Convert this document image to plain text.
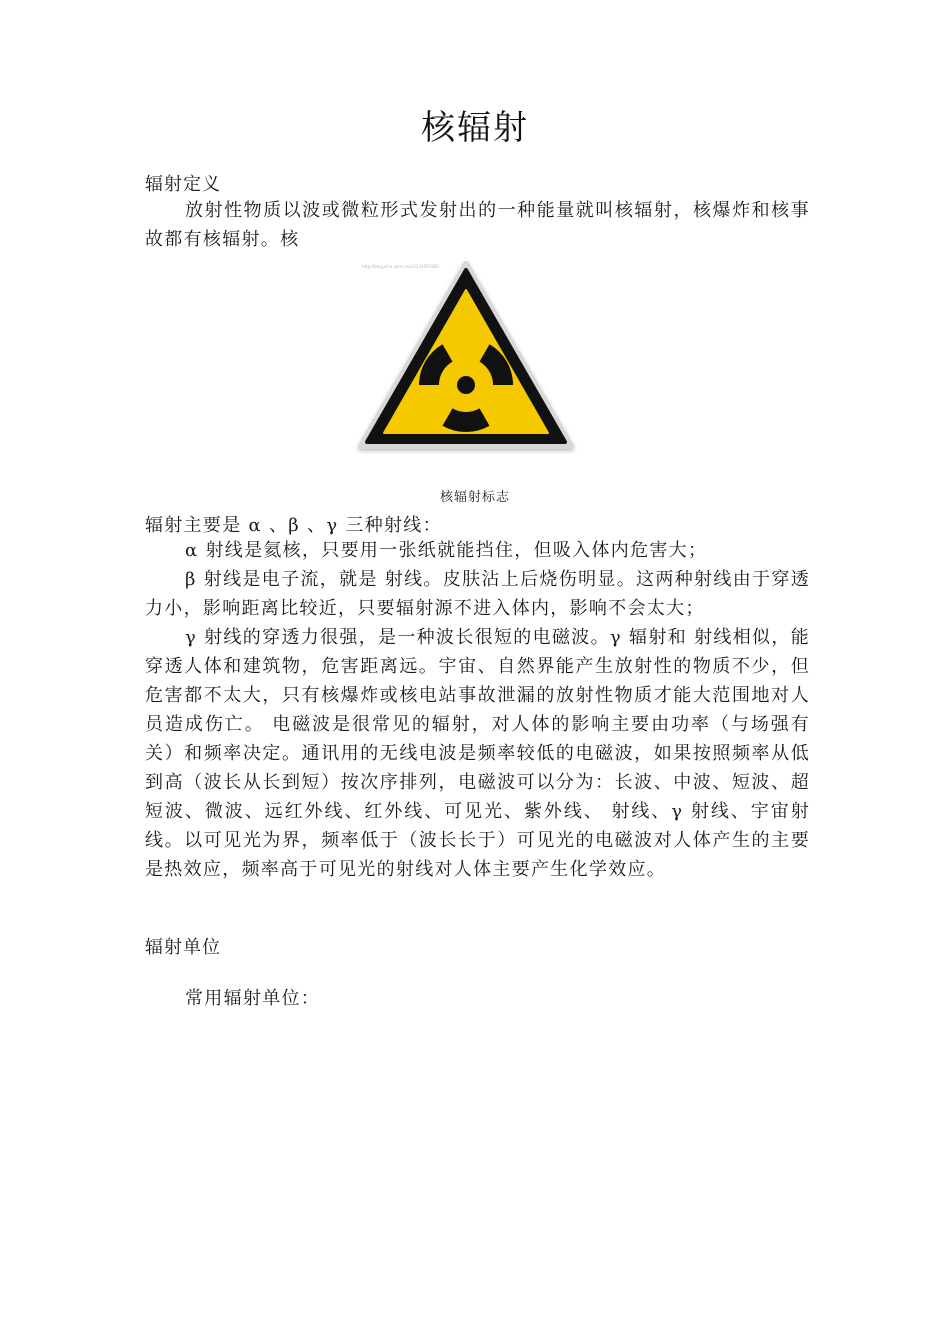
核辐射
辐射定义
放射性物质以波或微粒形式发射出的一种能量就叫核辐射，核爆炸和核事故都有核辐射。核
http://blog.sina.com.cn/u/1234567890
核辐射标志
辐射主要是 α 、β 、γ 三种射线：
α 射线是氦核，只要用一张纸就能挡住，但吸入体内危害大；
β 射线是电子流，就是 射线。皮肤沾上后烧伤明显。这两种射线由于穿透力小，影响距离比较近，只要辐射源不进入体内，影响不会太大；
γ 射线的穿透力很强，是一种波长很短的电磁波。γ 辐射和 射线相似，能穿透人体和建筑物，危害距离远。宇宙、自然界能产生放射性的物质不少，但危害都不太大，只有核爆炸或核电站事故泄漏的放射性物质才能大范围地对人员造成伤亡。 电磁波是很常见的辐射，对人体的影响主要由功率（与场强有关）和频率决定。通讯用的无线电波是频率较低的电磁波，如果按照频率从低到高（波长从长到短）按次序排列，电磁波可以分为：长波、中波、短波、超短波、微波、远红外线、红外线、可见光、紫外线、 射线、γ 射线、宇宙射线。以可见光为界，频率低于（波长长于）可见光的电磁波对人体产生的主要是热效应，频率高于可见光的射线对人体主要产生化学效应。
辐射单位
常用辐射单位：
